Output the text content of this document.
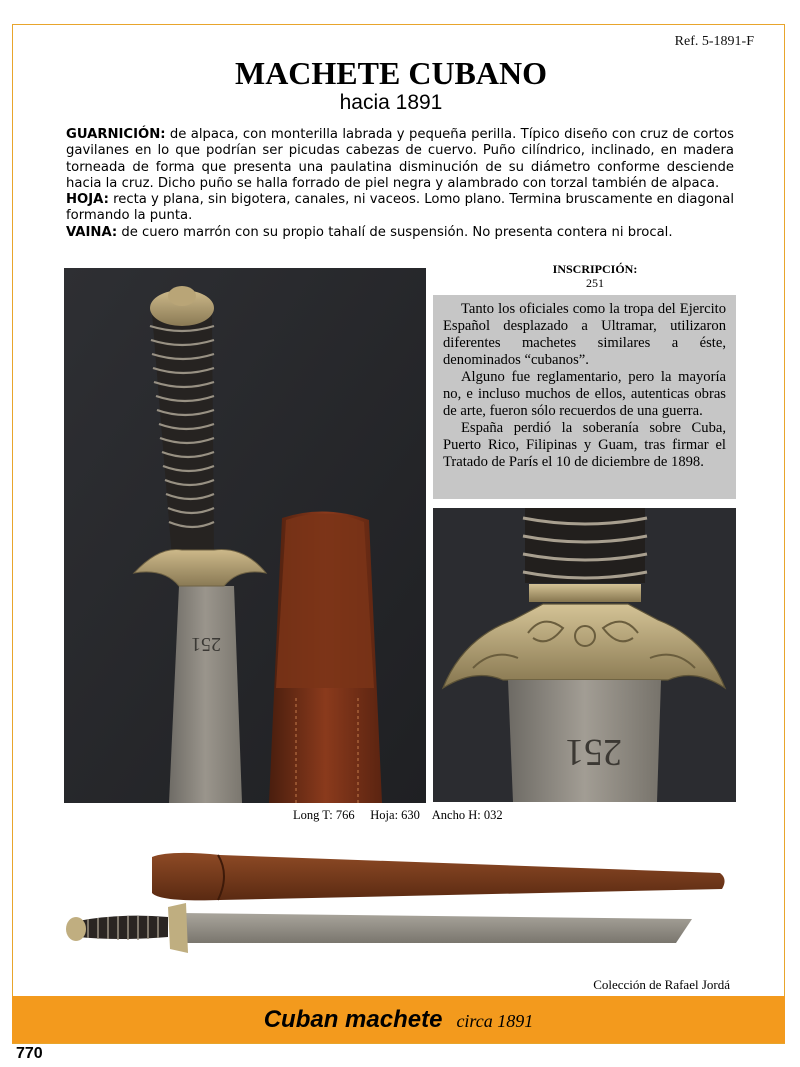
Ref. 5-1891-F
MACHETE CUBANO
hacia 1891

GUARNICIÓN: de alpaca, con monterilla labrada y pequeña perilla. Típico diseño con cruz de cortos gavilanes en lo que podrían ser picudas cabezas de cuervo. Puño cilíndrico, inclinado, en madera torneada de forma que presenta una paulatina disminución de su diámetro conforme desciende hacia la cruz. Dicho puño se halla forrado de piel negra y alambrado con torzal también de alpaca.

HOJA: recta y plana, sin bigotera, canales, ni vaceos. Lomo plano. Termina bruscamente en diagonal formando la punta.

VAINA: de cuero marrón con su propio tahalí de suspensión. No presenta contera ni brocal.

251
INSCRIPCIÓN:
251

Tanto los oficiales como la tropa del Ejercito Español desplazado a Ultramar, utilizaron diferentes machetes similares a éste, denominados “cubanos”.

Alguno fue reglamentario, pero la mayoría no, e incluso muchos de ellos, autenticas obras de arte, fueron sólo recuerdos de una guerra.

España perdió la soberanía sobre Cuba, Puerto Rico, Filipinas y Guam, tras firmar el Tratado de París el 10 de diciembre de 1898.

251
Long T: 766 Hoja: 630 Ancho H: 032
Colección de Rafael Jordá
Cuban machete circa 1891
770
